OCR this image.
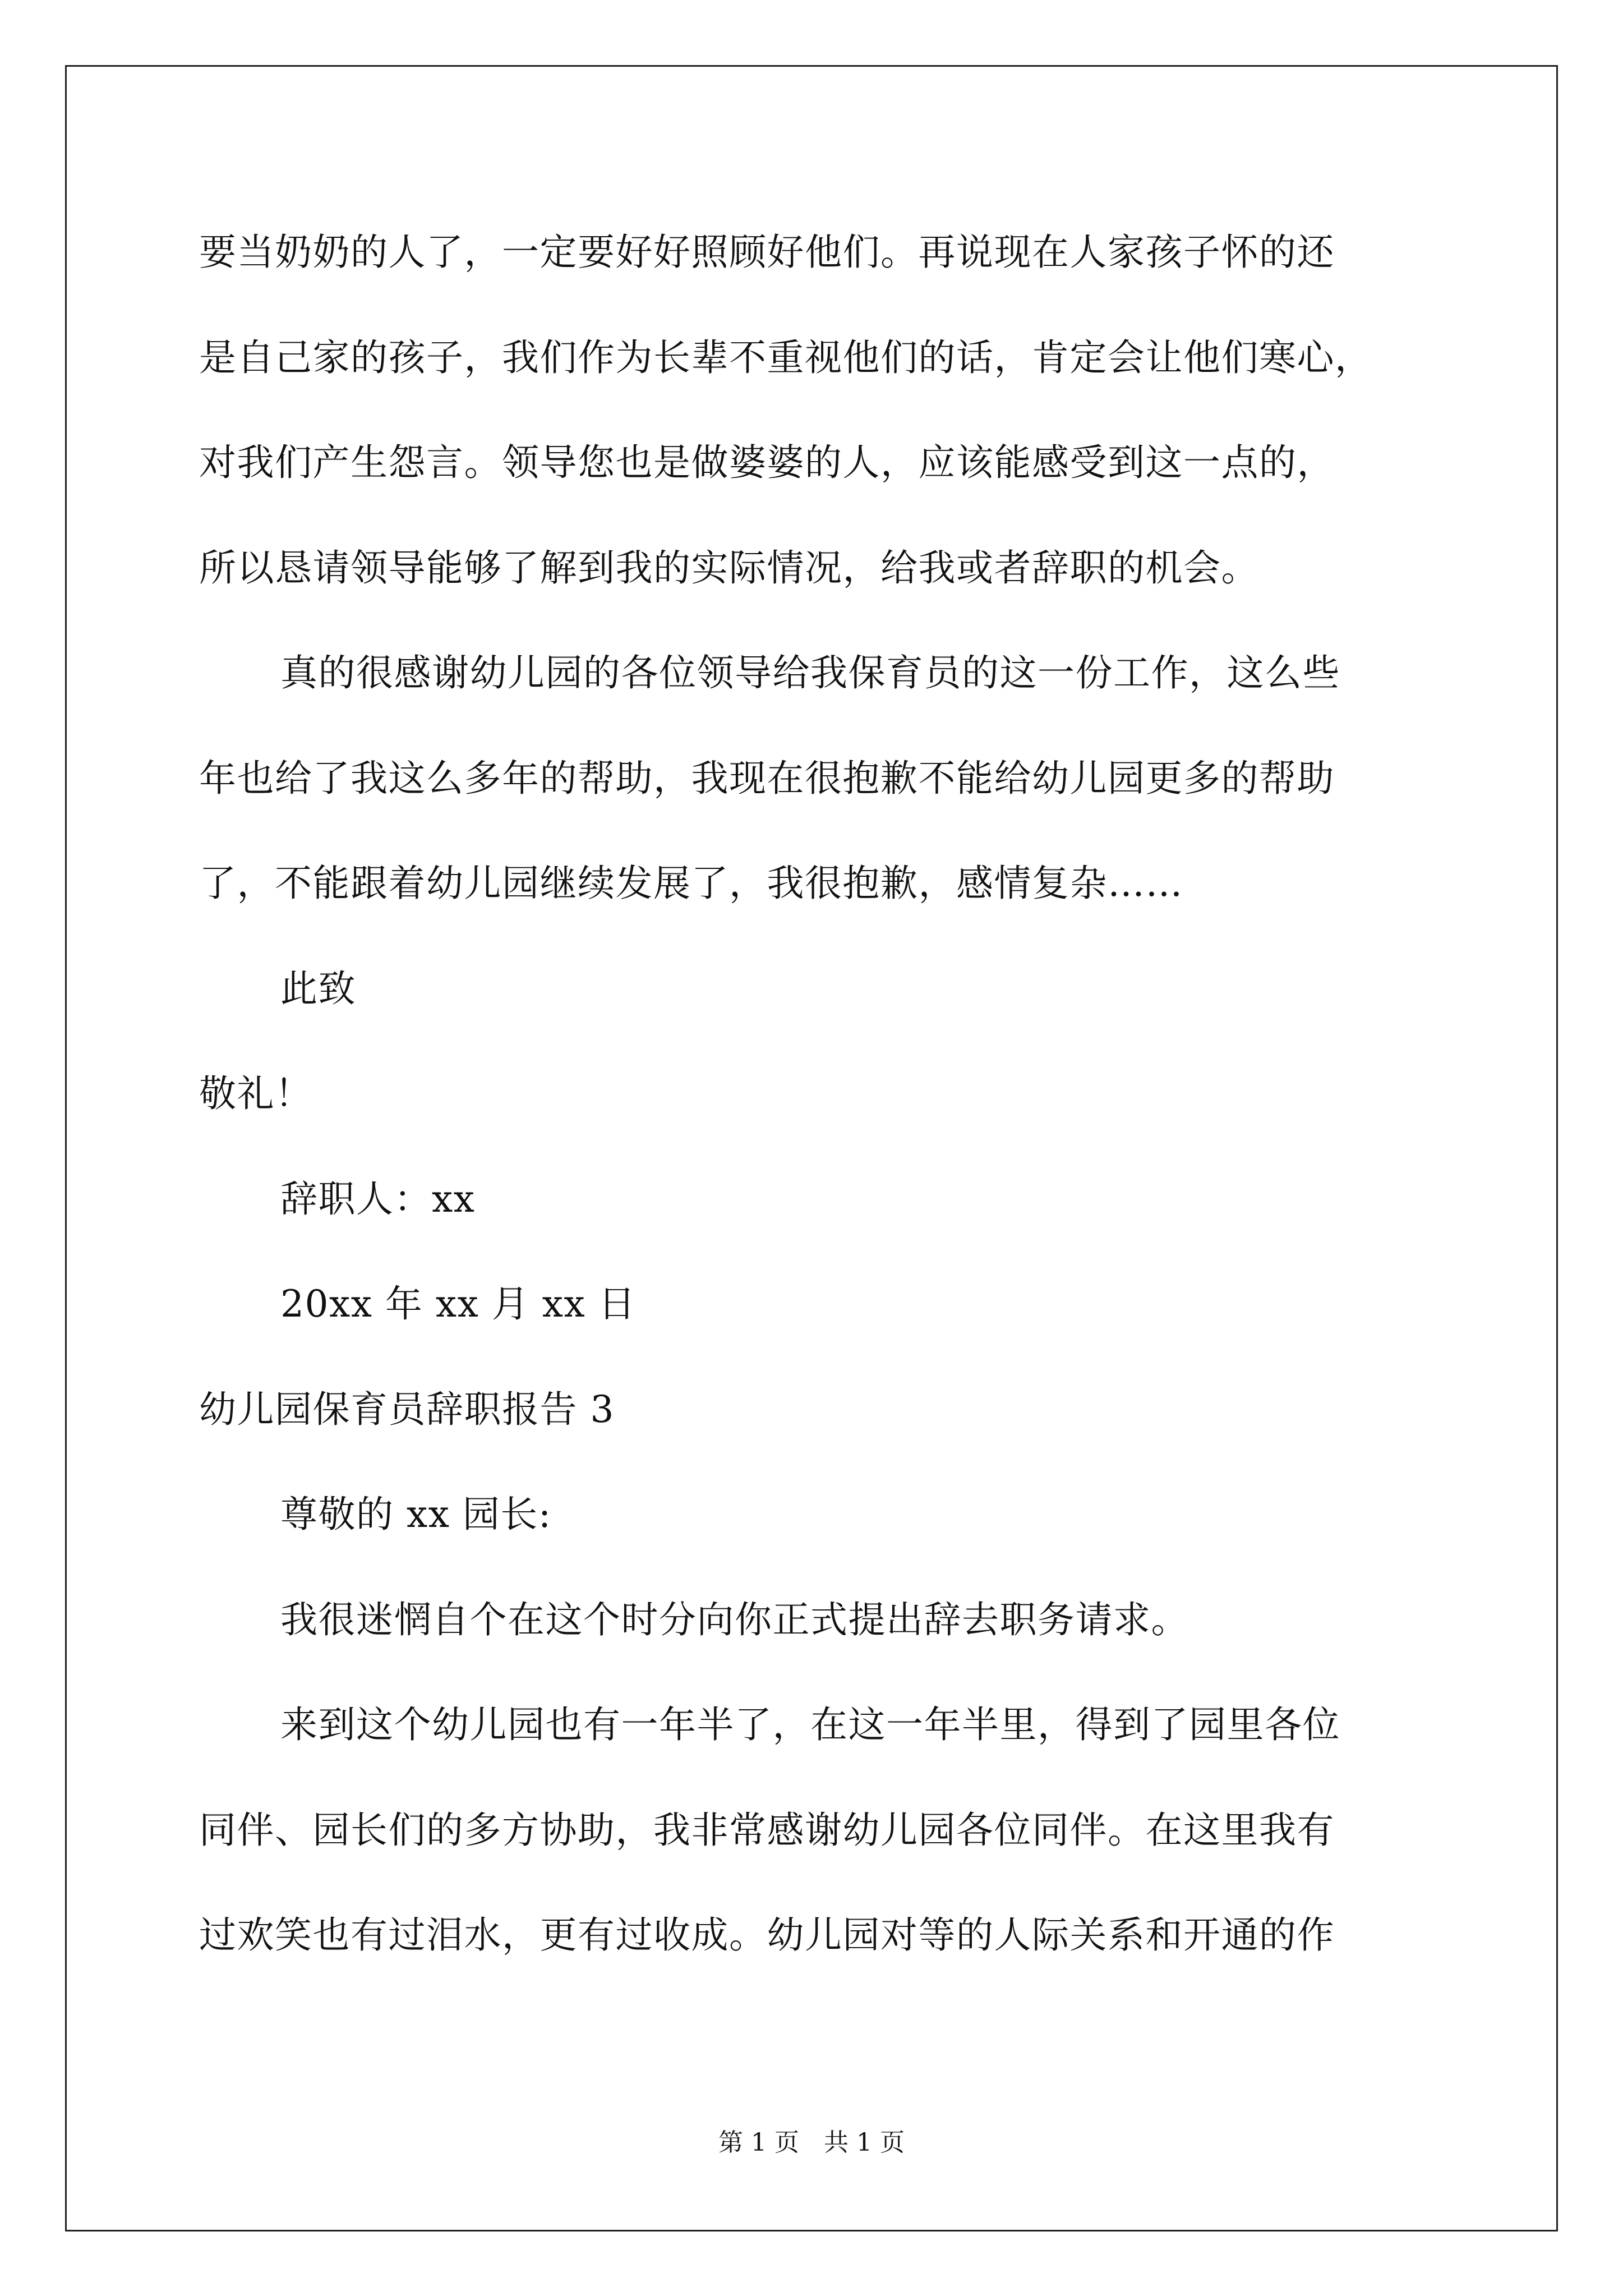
要当奶奶的人了，一定要好好照顾好他们。再说现在人家孩子怀的还
是自己家的孩子，我们作为长辈不重视他们的话，肯定会让他们寒心，
对我们产生怨言。领导您也是做婆婆的人，应该能感受到这一点的，
所以恳请领导能够了解到我的实际情况，给我或者辞职的机会。
真的很感谢幼儿园的各位领导给我保育员的这一份工作，这么些
年也给了我这么多年的帮助，我现在很抱歉不能给幼儿园更多的帮助
了，不能跟着幼儿园继续发展了，我很抱歉，感情复杂……
此致
敬礼！
辞职人：xx
20xx 年 xx 月 xx 日
幼儿园保育员辞职报告 3
尊敬的 xx 园长:
我很迷惘自个在这个时分向你正式提出辞去职务请求。
来到这个幼儿园也有一年半了，在这一年半里，得到了园里各位
同伴、园长们的多方协助，我非常感谢幼儿园各位同伴。在这里我有
过欢笑也有过泪水，更有过收成。幼儿园对等的人际关系和开通的作
第 1 页　共 1 页
